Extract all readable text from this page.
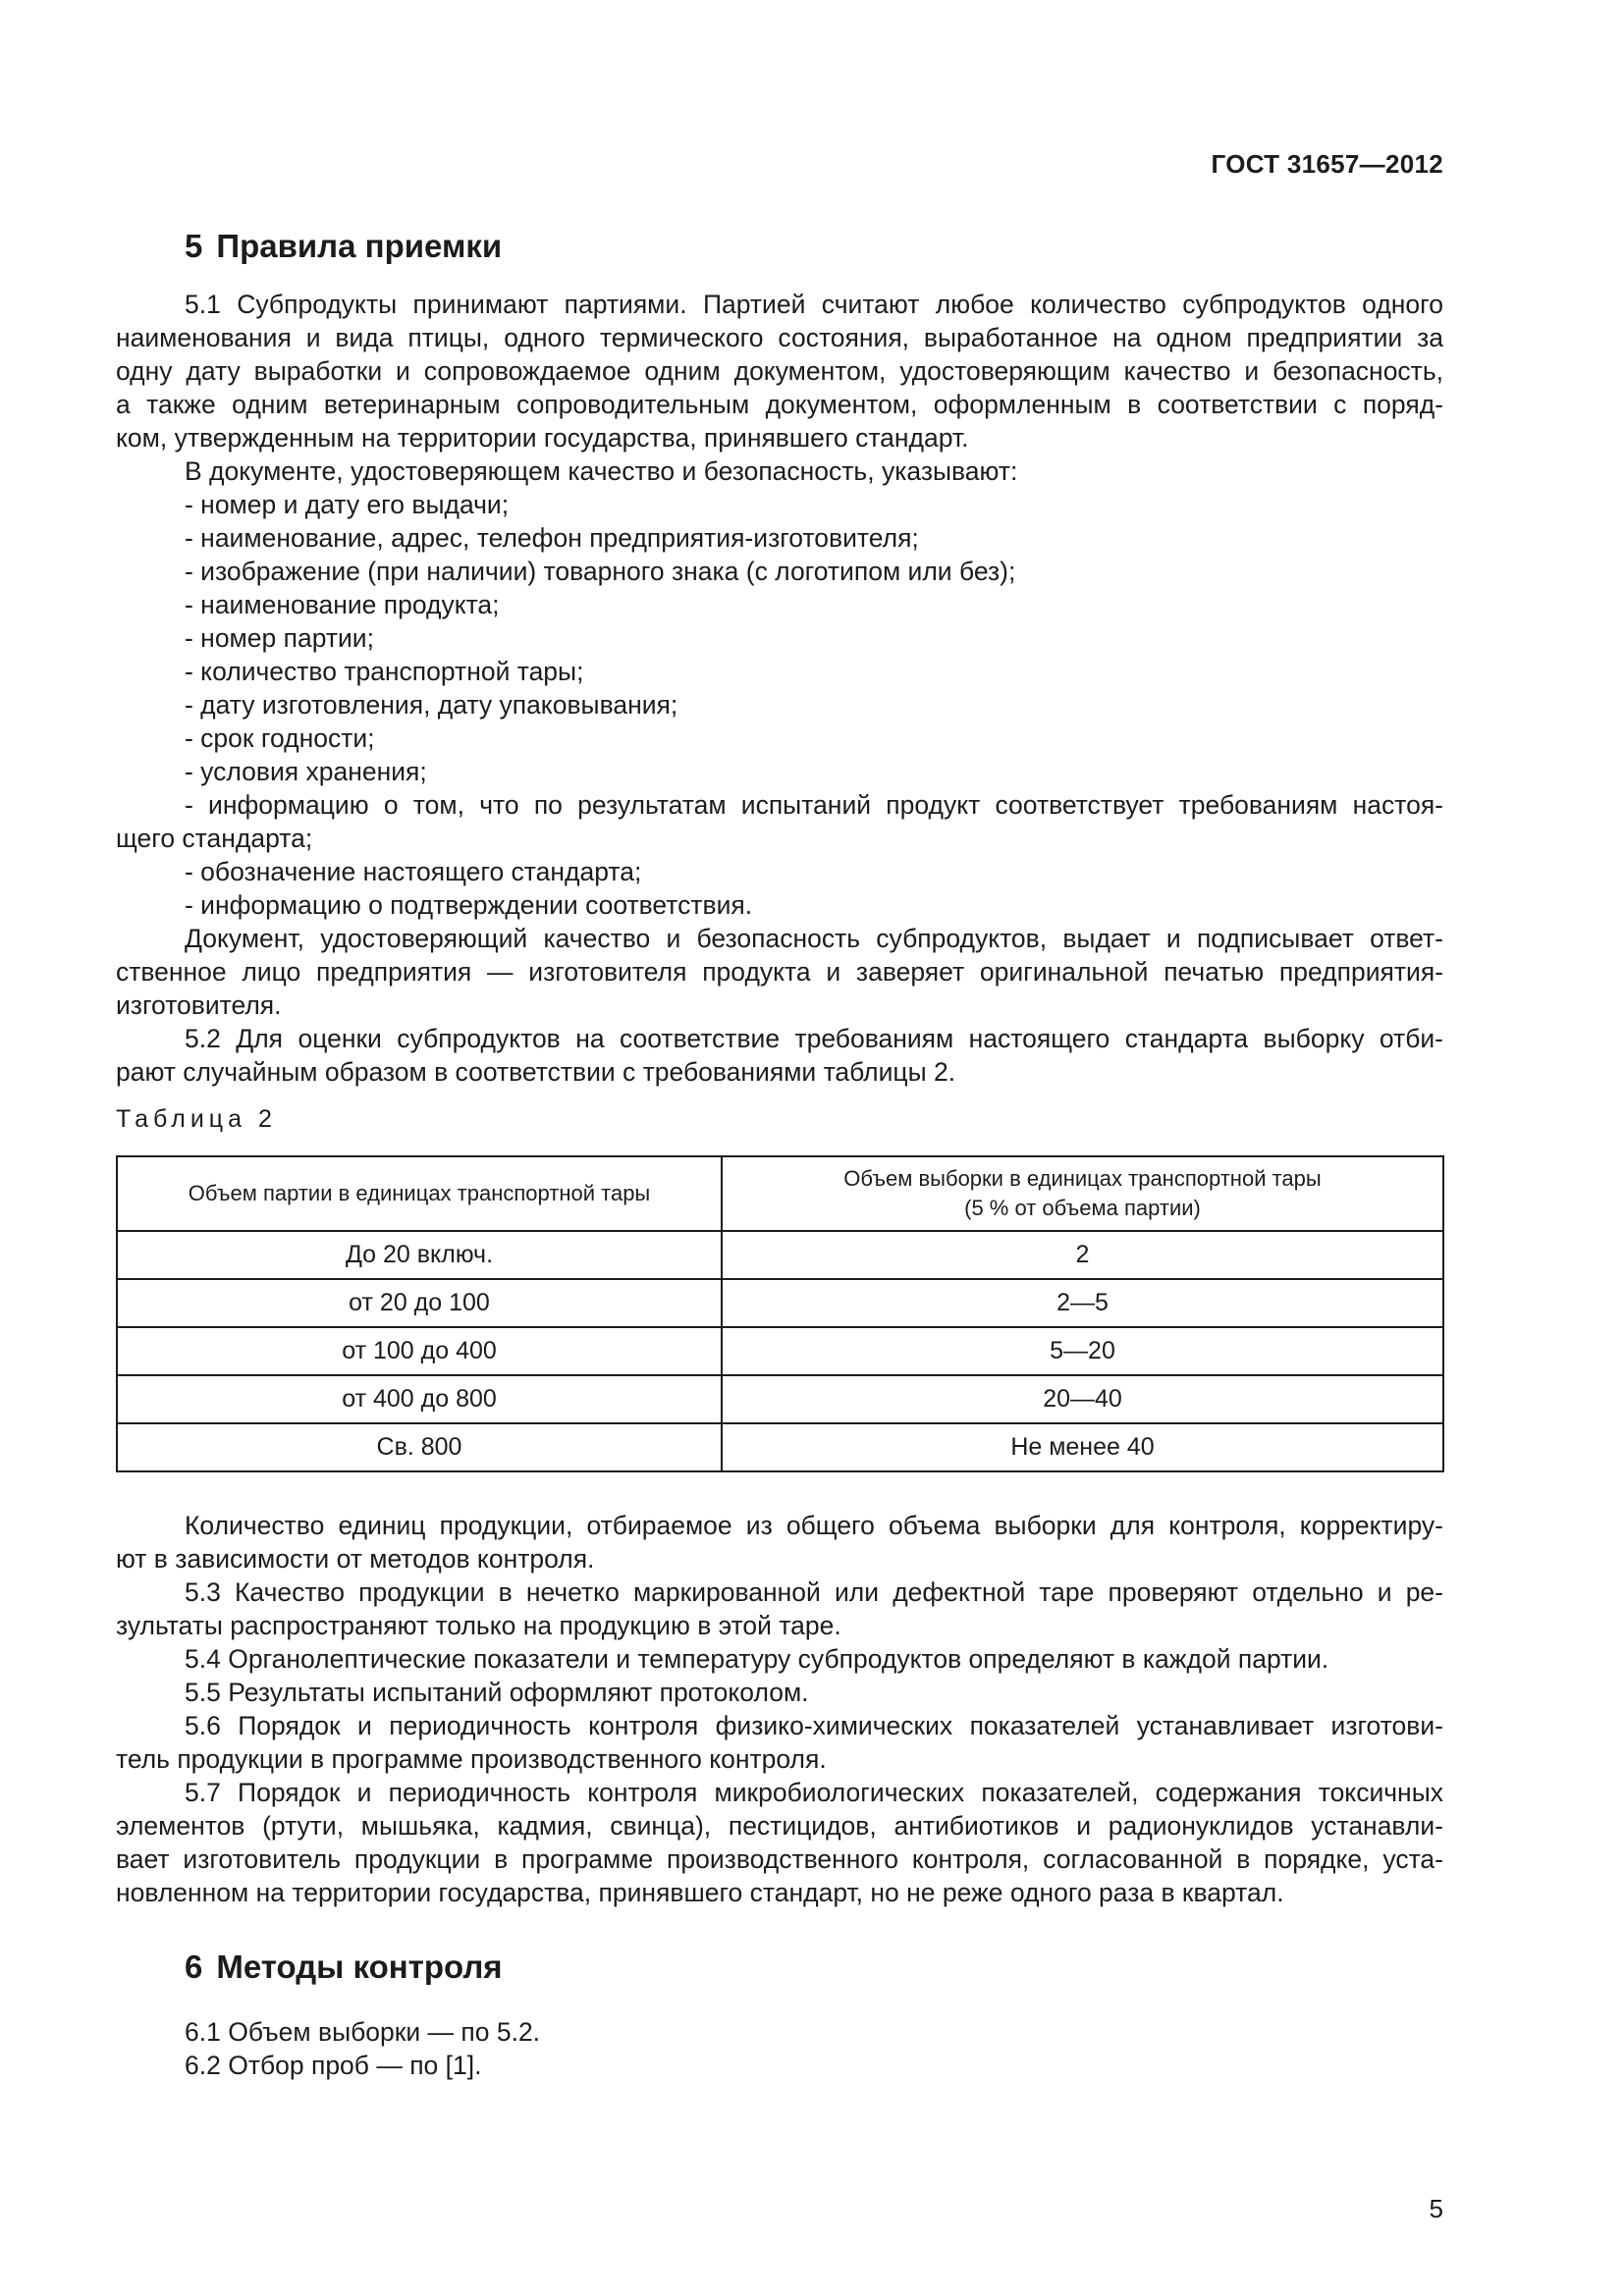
ГОСТ 31657—2012
5 Правила приемки
5.1 Субпродукты принимают партиями. Партией считают любое количество субпродуктов одного
наименования и вида птицы, одного термического состояния, выработанное на одном предприятии за
одну дату выработки и сопровождаемое одним документом, удостоверяющим качество и безопасность,
а также одним ветеринарным сопроводительным документом, оформленным в соответствии с поряд-
ком, утвержденным на территории государства, принявшего стандарт.
В документе, удостоверяющем качество и безопасность, указывают:
- номер и дату его выдачи;
- наименование, адрес, телефон предприятия-изготовителя;
- изображение (при наличии) товарного знака (с логотипом или без);
- наименование продукта;
- номер партии;
- количество транспортной тары;
- дату изготовления, дату упаковывания;
- срок годности;
- условия хранения;
- информацию о том, что по результатам испытаний продукт соответствует требованиям настоя-
щего стандарта;
- обозначение настоящего стандарта;
- информацию о подтверждении соответствия.
Документ, удостоверяющий качество и безопасность субпродуктов, выдает и подписывает ответ-
ственное лицо предприятия — изготовителя продукта и заверяет оригинальной печатью предприятия-
изготовителя.
5.2 Для оценки субпродуктов на соответствие требованиям настоящего стандарта выборку отби-
рают случайным образом в соответствии с требованиями таблицы 2.
Таблица 2
Объем партии в единицах транспортной тары	Объем выборки в единицах транспортной тары
(5 % от объема партии)
До 20 включ.	2
от 20 до 100	2—5
от 100 до 400	5—20
от 400 до 800	20—40
Св. 800	Не менее 40
Количество единиц продукции, отбираемое из общего объема выборки для контроля, корректиру-
ют в зависимости от методов контроля.
5.3 Качество продукции в нечетко маркированной или дефектной таре проверяют отдельно и ре-
зультаты распространяют только на продукцию в этой таре.
5.4 Органолептические показатели и температуру субпродуктов определяют в каждой партии.
5.5 Результаты испытаний оформляют протоколом.
5.6 Порядок и периодичность контроля физико-химических показателей устанавливает изготови-
тель продукции в программе производственного контроля.
5.7 Порядок и периодичность контроля микробиологических показателей, содержания токсичных
элементов (ртути, мышьяка, кадмия, свинца), пестицидов, антибиотиков и радионуклидов устанавли-
вает изготовитель продукции в программе производственного контроля, согласованной в порядке, уста-
новленном на территории государства, принявшего стандарт, но не реже одного раза в квартал.
6 Методы контроля
6.1 Объем выборки — по 5.2.
6.2 Отбор проб — по [1].
5
